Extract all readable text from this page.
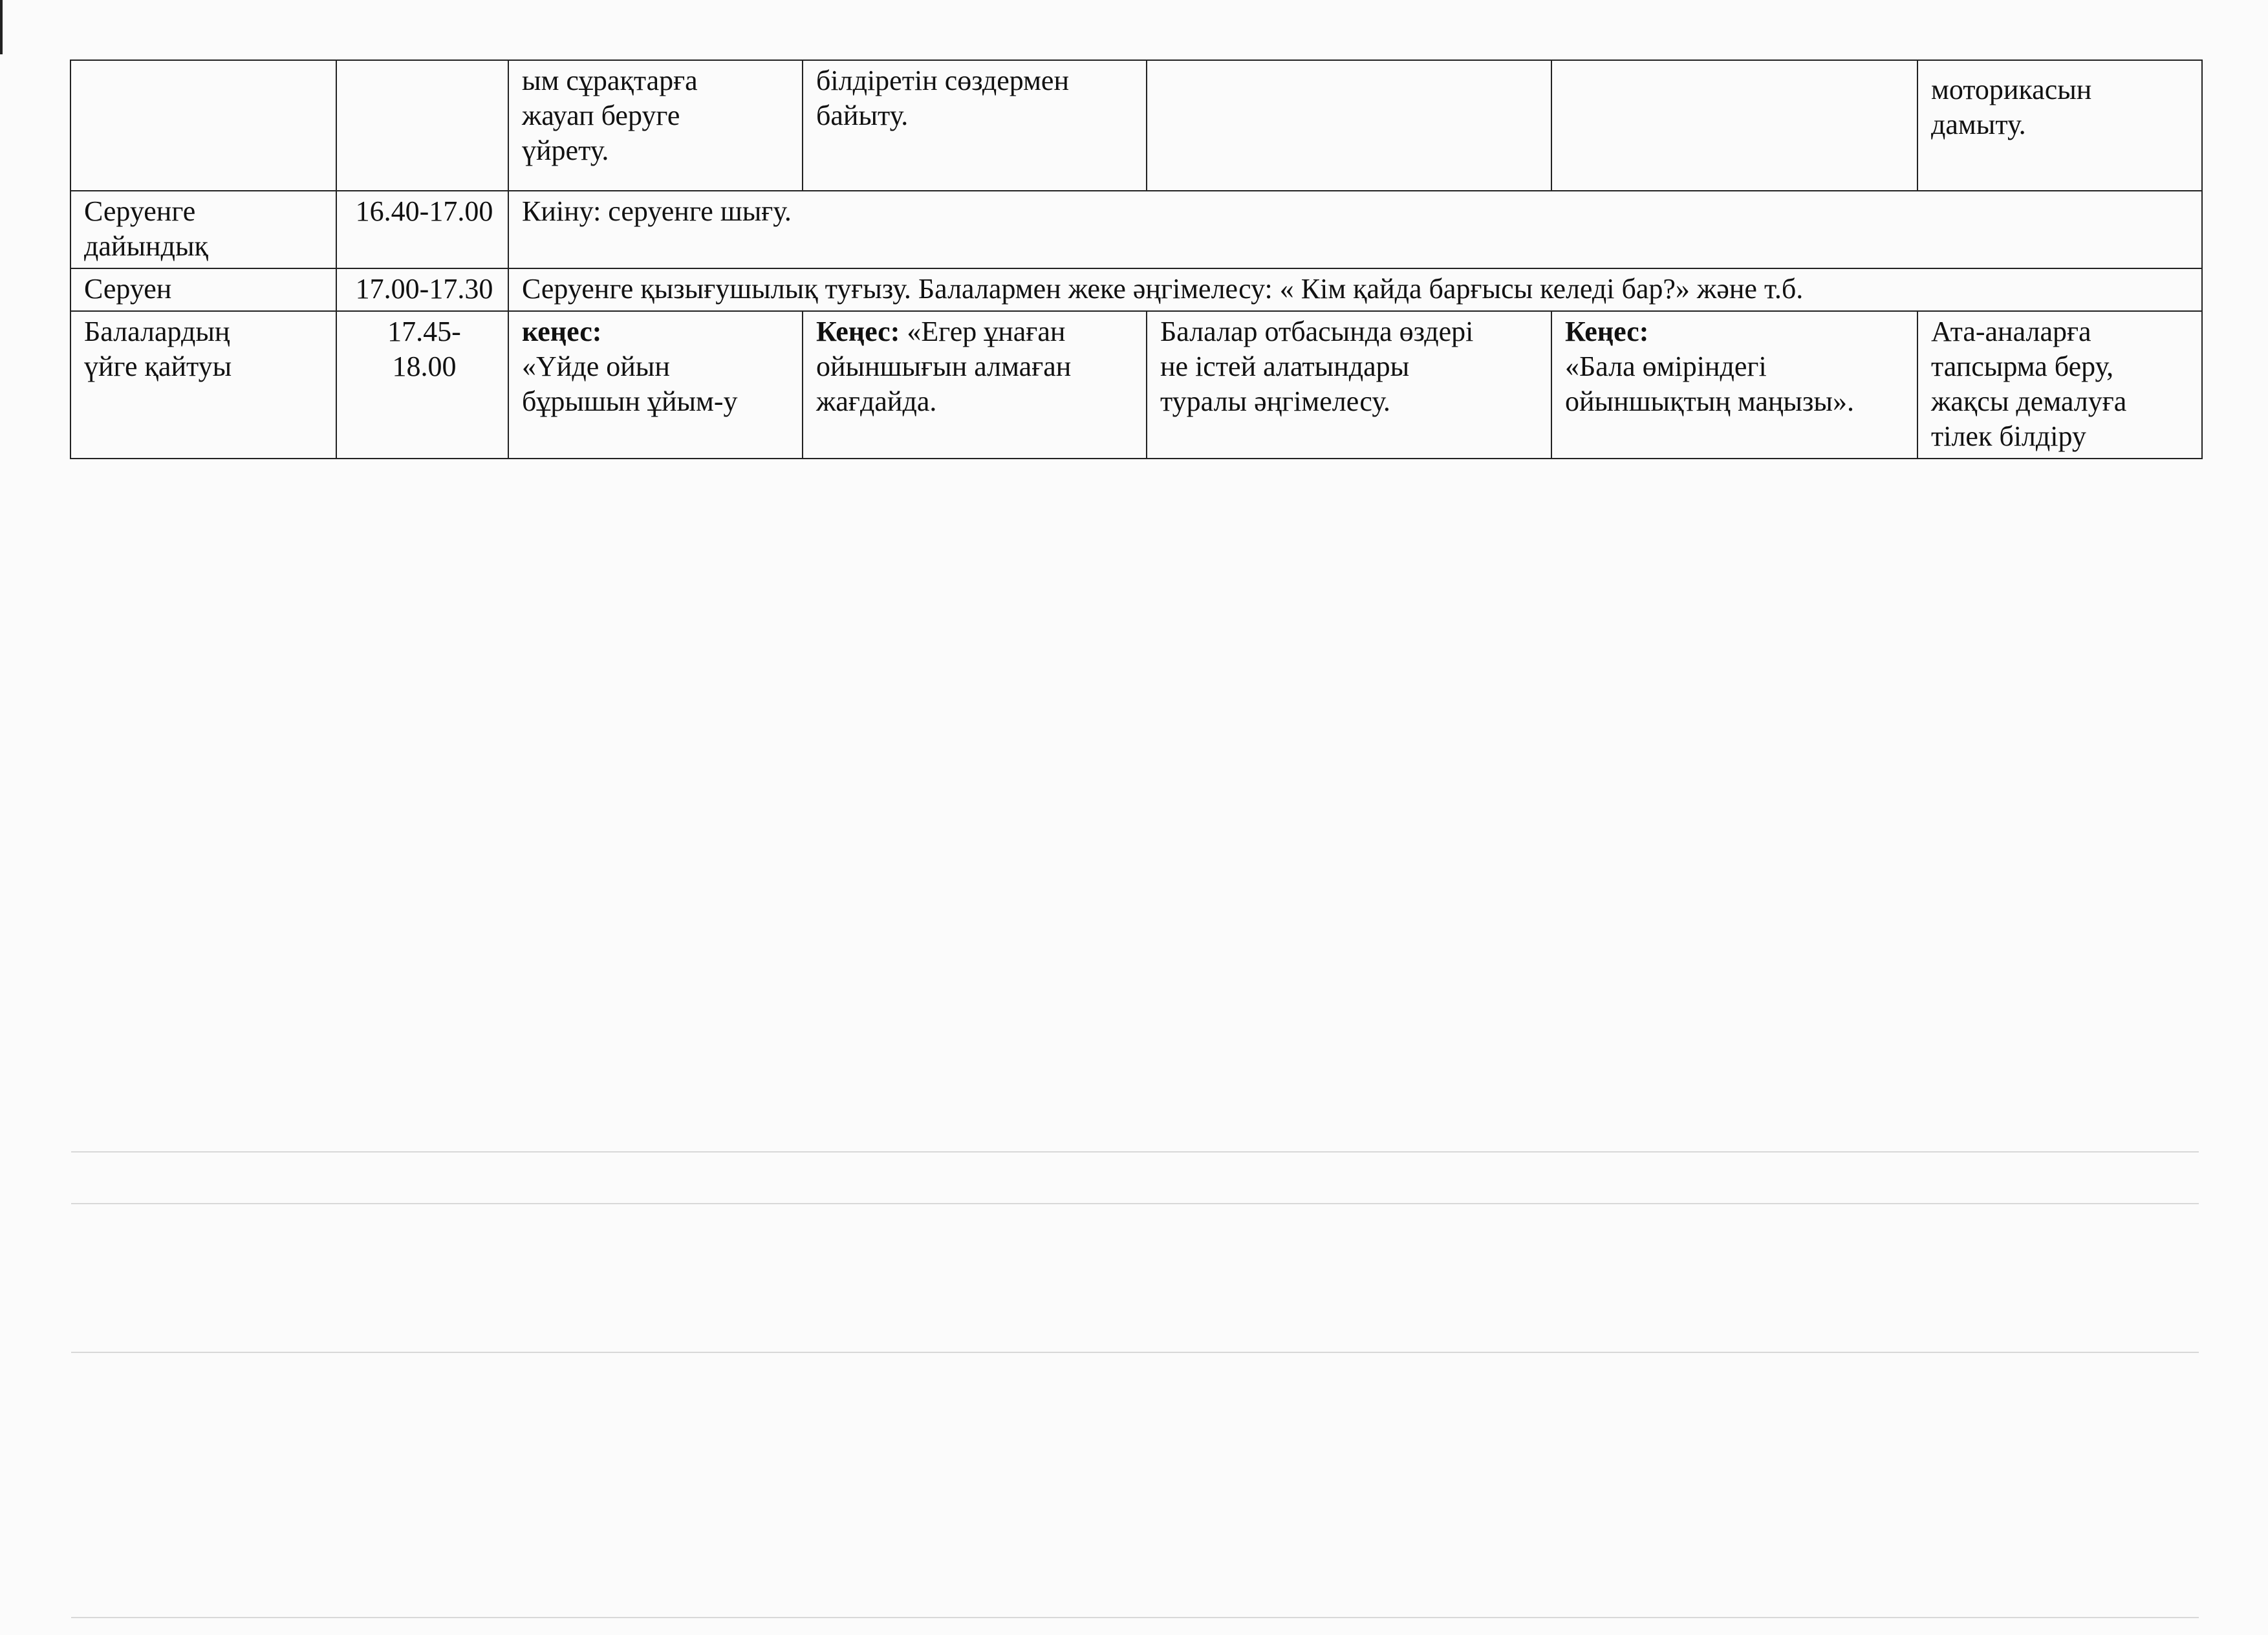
		ым сұрақтарға
жауап беруге
үйрету.	білдіретін сөздермен
байыту.			моторикасын
дамыту.
Серуенге
дайындық	16.40-17.00	Киіну: серуенге шығу.				
Серуен	17.00-17.30	Серуенге қызығушылық туғызу. Балалармен жеке әңгімелесу: « Кім қайда барғысы келеді бар?» және т.б.				
Балалардың
үйге қайтуы	17.45-
18.00	кеңес:
«Үйде ойын
бұрышын ұйым-у	Кеңес: «Егер ұнаған
ойыншығын алмаған
жағдайда.	Балалар отбасында өздері
не істей алатындары
туралы әңгімелесу.	Кеңес:
«Бала өміріндегі
ойыншықтың маңызы».	Ата-аналарға
тапсырма беру,
жақсы демалуға
тілек білдіру
